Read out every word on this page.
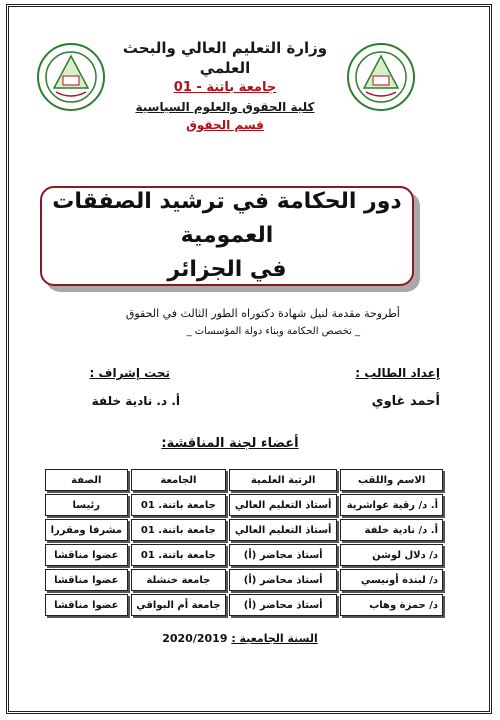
وزارة التعليم العالي والبحث العلمي
جامعة باتنة - 01
كلية الحقوق والعلوم السياسية
قسم الحقوق
دور الحكامة في ترشيد الصفقات العمومية
في الجزائر
أطروحة مقدمة لنيل شهادة دكتوراه الطور الثالث في الحقوق
_ تخصص الحكامة وبناء دولة المؤسسات _
إعداد الطالب :
تحت إشراف :
أحمد غاوي
أ. د. نادية خلفة
أعضاء لجنة المناقشة:
الاسم واللقب	الرتبة العلمية	الجامعة	الصفة
أ. د/ رقية عواشرية	أستاذ التعليم العالي	جامعة باتنة. 01	رئيسا
أ. د/ نادية خلفة	أستاذ التعليم العالي	جامعة باتنة. 01	مشرفا ومقررا
د/ دلال لوشن	أستاذ محاضر (أ)	جامعة باتنة. 01	عضوا مناقشا
د/ لبندة أونيسي	أستاذ محاضر (أ)	جامعة خنشلة	عضوا مناقشا
د/ حمزة وهاب	أستاذ محاضر (أ)	جامعة أم البواقي	عضوا مناقشا
السنة الجامعية : 2020/2019
